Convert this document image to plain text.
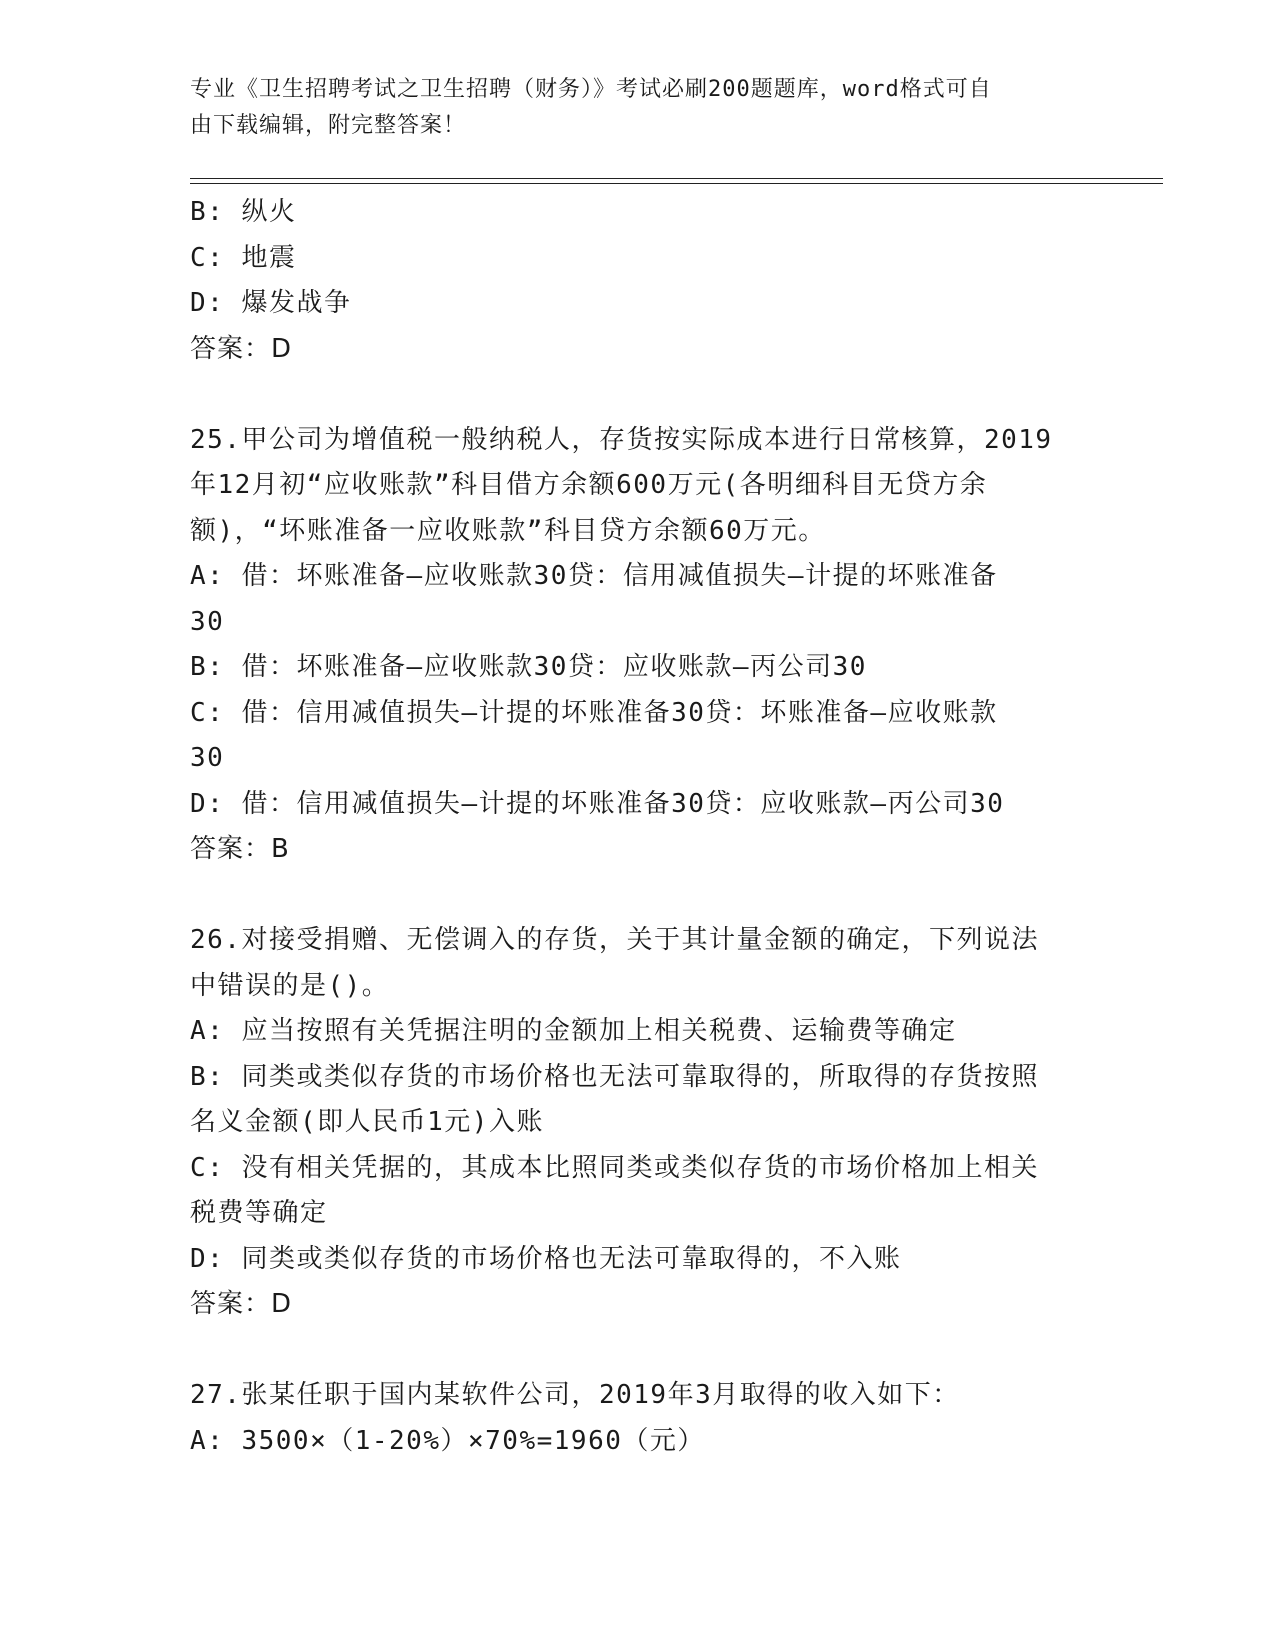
专业《卫生招聘考试之卫生招聘（财务）》考试必刷200题题库，word格式可自
由下载编辑，附完整答案！
B: 纵火
C: 地震
D: 爆发战争
答案：D
25.甲公司为增值税一般纳税人，存货按实际成本进行日常核算，2019
年12月初“应收账款”科目借方余额600万元(各明细科目无贷方余
额)，“坏账准备一应收账款”科目贷方余额60万元。
A: 借：坏账准备—应收账款30贷：信用减值损失—计提的坏账准备
30
B: 借：坏账准备—应收账款30贷：应收账款—丙公司30
C: 借：信用减值损失—计提的坏账准备30贷：坏账准备—应收账款
30
D: 借：信用减值损失—计提的坏账准备30贷：应收账款—丙公司30
答案：B
26.对接受捐赠、无偿调入的存货，关于其计量金额的确定，下列说法
中错误的是()。
A: 应当按照有关凭据注明的金额加上相关税费、运输费等确定
B: 同类或类似存货的市场价格也无法可靠取得的，所取得的存货按照
名义金额(即人民币1元)入账
C: 没有相关凭据的，其成本比照同类或类似存货的市场价格加上相关
税费等确定
D: 同类或类似存货的市场价格也无法可靠取得的，不入账
答案：D
27.张某任职于国内某软件公司，2019年3月取得的收入如下：
A: 3500×（1-20%）×70%=1960（元）
